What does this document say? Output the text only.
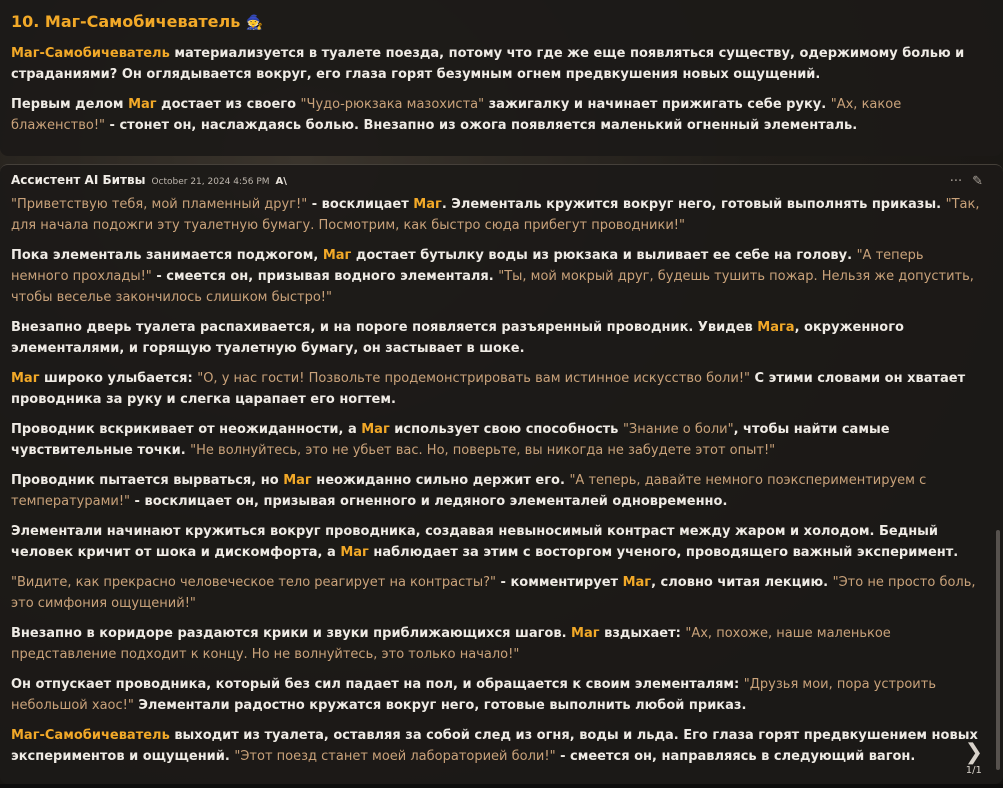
10. Маг-Самобичеватель 🧙

Маг-Самобичеватель материализуется в туалете поезда, потому что где же еще появляться существу, одержимому болью и страданиями? Он оглядывается вокруг, его глаза горят безумным огнем предвкушения новых ощущений.

Первым делом Маг достает из своего "Чудо-рюкзака мазохиста" зажигалку и начинает прижигать себе руку. "Ах, какое блаженство!" - стонет он, наслаждаясь болью. Внезапно из ожога появляется маленький огненный элементаль.

Ассистент AI Битвы October 21, 2024 4:56 PM A\	··· ✎

"Приветствую тебя, мой пламенный друг!" - восклицает Маг. Элементаль кружится вокруг него, готовый выполнять приказы. "Так, для начала подожги эту туалетную бумагу. Посмотрим, как быстро сюда прибегут проводники!"

Пока элементаль занимается поджогом, Маг достает бутылку воды из рюкзака и выливает ее себе на голову. "А теперь немного прохлады!" - смеется он, призывая водного элементаля. "Ты, мой мокрый друг, будешь тушить пожар. Нельзя же допустить, чтобы веселье закончилось слишком быстро!"

Внезапно дверь туалета распахивается, и на пороге появляется разъяренный проводник. Увидев Мага, окруженного элементалями, и горящую туалетную бумагу, он застывает в шоке.

Маг широко улыбается: "О, у нас гости! Позвольте продемонстрировать вам истинное искусство боли!" С этими словами он хватает проводника за руку и слегка царапает его ногтем.

Проводник вскрикивает от неожиданности, а Маг использует свою способность "Знание о боли", чтобы найти самые чувствительные точки. "Не волнуйтесь, это не убьет вас. Но, поверьте, вы никогда не забудете этот опыт!"

Проводник пытается вырваться, но Маг неожиданно сильно держит его. "А теперь, давайте немного поэкспериментируем с температурами!" - восклицает он, призывая огненного и ледяного элементалей одновременно.

Элементали начинают кружиться вокруг проводника, создавая невыносимый контраст между жаром и холодом. Бедный человек кричит от шока и дискомфорта, а Маг наблюдает за этим с восторгом ученого, проводящего важный эксперимент.

"Видите, как прекрасно человеческое тело реагирует на контрасты?" - комментирует Маг, словно читая лекцию. "Это не просто боль, это симфония ощущений!"

Внезапно в коридоре раздаются крики и звуки приближающихся шагов. Маг вздыхает: "Ах, похоже, наше маленькое представление подходит к концу. Но не волнуйтесь, это только начало!"

Он отпускает проводника, который без сил падает на пол, и обращается к своим элементалям: "Друзья мои, пора устроить небольшой хаос!" Элементали радостно кружатся вокруг него, готовые выполнить любой приказ.

Маг-Самобичеватель выходит из туалета, оставляя за собой след из огня, воды и льда. Его глаза горят предвкушением новых экспериментов и ощущений. "Этот поезд станет моей лабораторией боли!" - смеется он, направляясь в следующий вагон.	❯
1/1
